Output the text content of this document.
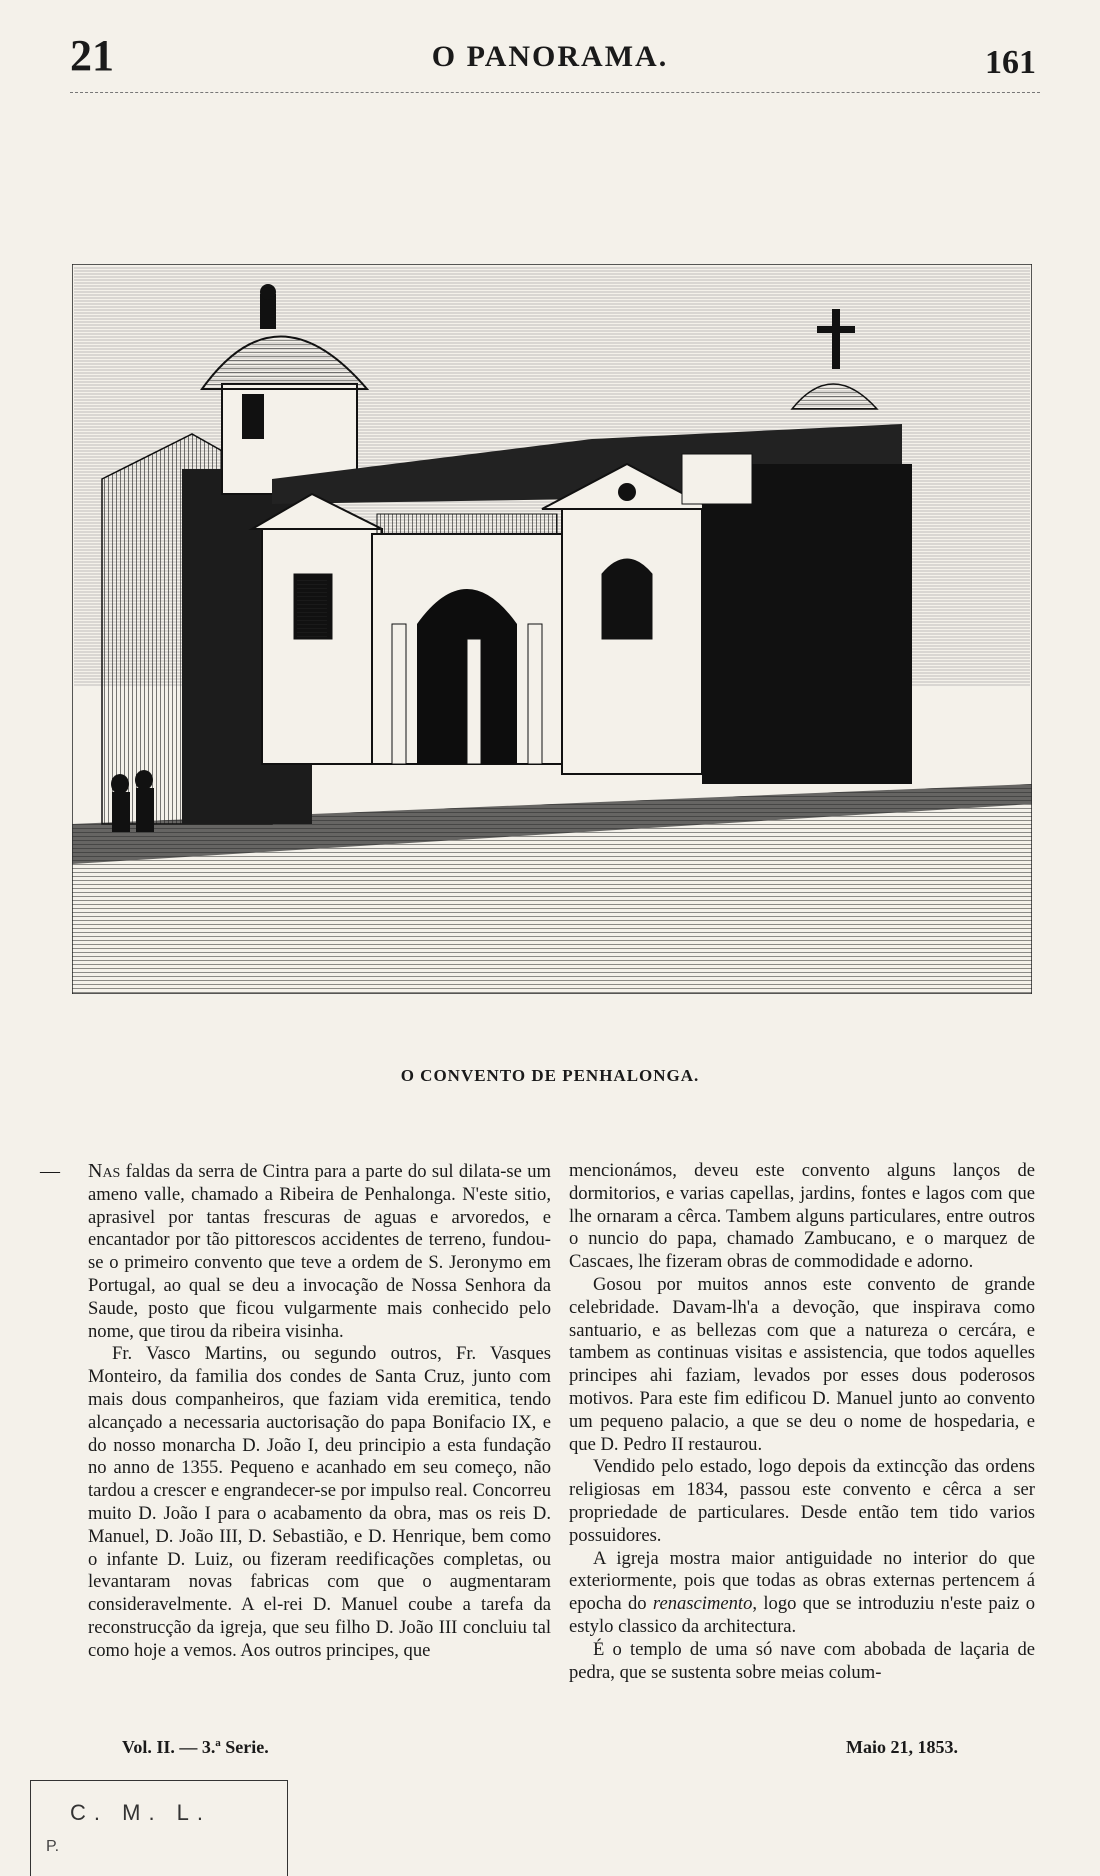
21	O PANORAMA.	161
O CONVENTO DE PENHALONGA.
— Nas faldas da serra de Cintra para a parte do sul dilata-se um ameno valle, chamado a Ribeira de Penhalonga. N'este sitio, aprasivel por tantas frescuras de aguas e arvoredos, e encantador por tão pittorescos accidentes de terreno, fundou-se o primeiro convento que teve a ordem de S. Jeronymo em Portugal, ao qual se deu a invocação de Nossa Senhora da Saude, posto que ficou vulgarmente mais conhecido pelo nome, que tirou da ribeira visinha.

Fr. Vasco Martins, ou segundo outros, Fr. Vasques Monteiro, da familia dos condes de Santa Cruz, junto com mais dous companheiros, que faziam vida eremitica, tendo alcançado a necessaria auctorisação do papa Bonifacio IX, e do nosso monarcha D. João I, deu principio a esta fundação no anno de 1355. Pequeno e acanhado em seu começo, não tardou a crescer e engrandecer-se por impulso real. Concorreu muito D. João I para o acabamento da obra, mas os reis D. Manuel, D. João III, D. Sebastião, e D. Henrique, bem como o infante D. Luiz, ou fizeram reedificações completas, ou levantaram novas fabricas com que o augmentaram consideravelmente. A el-rei D. Manuel coube a tarefa da reconstrucção da igreja, que seu filho D. João III concluiu tal como hoje a vemos. Aos outros principes, que

mencionámos, deveu este convento alguns lanços de dormitorios, e varias capellas, jardins, fontes e lagos com que lhe ornaram a cêrca. Tambem alguns particulares, entre outros o nuncio do papa, chamado Zambucano, e o marquez de Cascaes, lhe fizeram obras de commodidade e adorno.

Gosou por muitos annos este convento de grande celebridade. Davam-lh'a a devoção, que inspirava como santuario, e as bellezas com que a natureza o cercára, e tambem as continuas visitas e assistencia, que todos aquelles principes ahi faziam, levados por esses dous poderosos motivos. Para este fim edificou D. Manuel junto ao convento um pequeno palacio, a que se deu o nome de hospedaria, e que D. Pedro II restaurou.

Vendido pelo estado, logo depois da extincção das ordens religiosas em 1834, passou este convento e cêrca a ser propriedade de particulares. Desde então tem tido varios possuidores.

A igreja mostra maior antiguidade no interior do que exteriormente, pois que todas as obras externas pertencem á epocha do renascimento, logo que se introduziu n'este paiz o estylo classico da architectura.

É o templo de uma só nave com abobada de laçaria de pedra, que se sustenta sobre meias colum-

Vol. II. — 3.ª Serie.	Maio 21, 1853.
C. M. L.
P.
